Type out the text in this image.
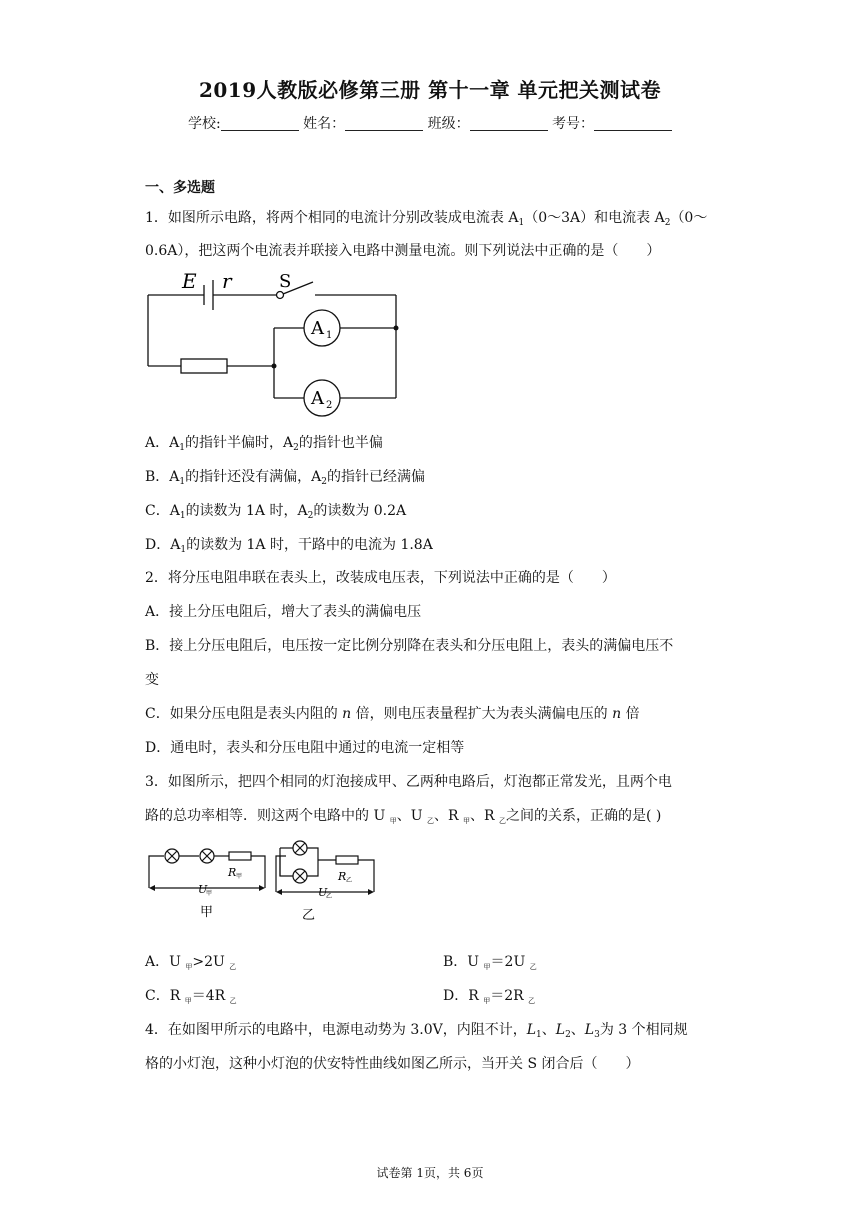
2019人教版必修第三册 第十一章 单元把关测试卷
学校:	姓名：	班级：	考号：
一、多选题
1．如图所示电路，将两个相同的电流计分别改装成电流表 $A_1(0\sim 3A)$和电流表 $A_2(0\sim$
0.6A），把这两个电流表并联接入电路中测量电流。则下列说法中正确的是（　　）
E r	S
A 1
A 2
A．$A_1$的指针半偏时，$A_2$的指针也半偏
B．$A_1$的指针还没有满偏，$A_2$的指针已经满偏
C．$A_1$的读数为 1A 时，$A_2$的读数为 0.2A
D．$A_1$的读数为 1A 时，干路中的电流为 1.8A
2．将分压电阻串联在表头上，改装成电压表，下列说法中正确的是（　　）
A．接上分压电阻后，增大了表头的满偏电压
B．接上分压电阻后，电压按一定比例分别降在表头和分压电阻上，表头的满偏电压不
变
C．如果分压电阻是表头内阻的 n 倍，则电压表量程扩大为表头满偏电压的 n 倍
D．通电时，表头和分压电阻中通过的电流一定相等
3．如图所示，把四个相同的灯泡接成甲、乙两种电路后，灯泡都正常发光，且两个电
路的总功率相等．则这两个电路中的 U $_甲$、U $_乙$、R $_甲$、R $_乙$之间的关系，正确的是( )
R 甲
U
甲
甲
R 乙
U
乙
乙
A．U $_甲$>2U $_乙$	B．U $_甲$＝2U $_乙$
C．R $_甲$＝4R $_乙$	D．R $_甲$＝2R $_乙$
4．在如图甲所示的电路中，电源电动势为 3.0V，内阻不计，$L_1$、$L_2$、$L_3$为 3 个相同规
格的小灯泡，这种小灯泡的伏安特性曲线如图乙所示，当开关 S 闭合后（　　）
试卷第 1页，共 6页
